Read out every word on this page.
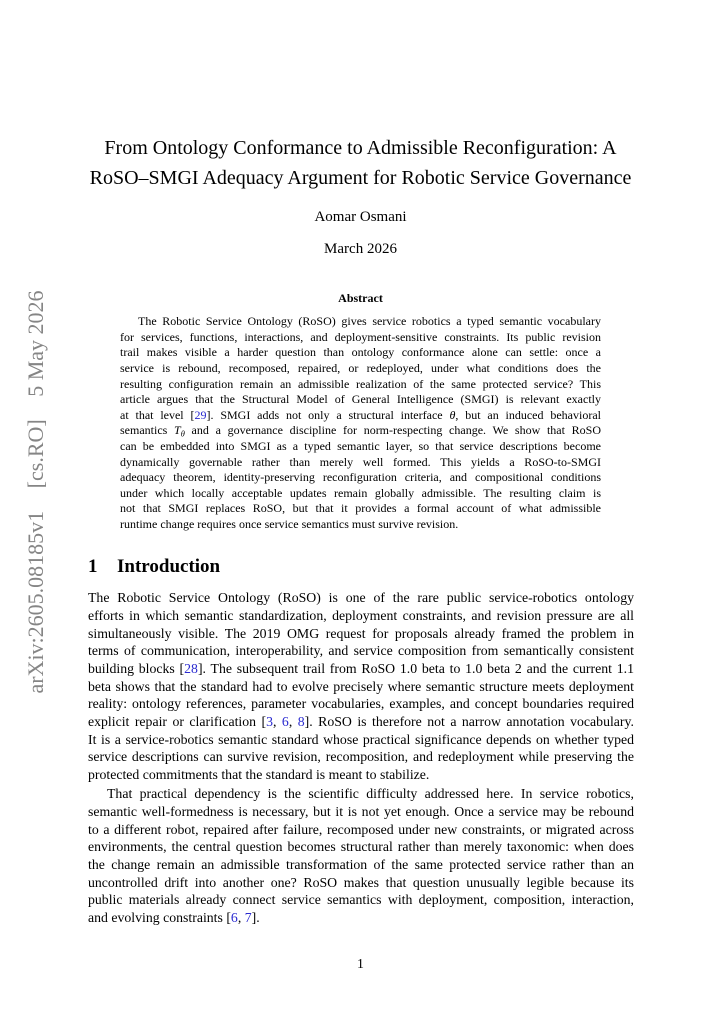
arXiv:2605.08185v1 [cs.RO] 5 May 2026
From Ontology Conformance to Admissible Reconfiguration: A
RoSO–SMGI Adequacy Argument for Robotic Service Governance
Aomar Osmani
March 2026
Abstract
The Robotic Service Ontology (RoSO) gives service robotics a typed semantic vocabulary
for services, functions, interactions, and deployment-sensitive constraints. Its public revision
trail makes visible a harder question than ontology conformance alone can settle: once a
service is rebound, recomposed, repaired, or redeployed, under what conditions does the
resulting configuration remain an admissible realization of the same protected service? This
article argues that the Structural Model of General Intelligence (SMGI) is relevant exactly
at that level [29]. SMGI adds not only a structural interface θ, but an induced behavioral
semantics $T_\theta$ and a governance discipline for norm-respecting change. We show that RoSO
can be embedded into SMGI as a typed semantic layer, so that service descriptions become
dynamically governable rather than merely well formed. This yields a RoSO-to-SMGI
adequacy theorem, identity-preserving reconfiguration criteria, and compositional conditions
under which locally acceptable updates remain globally admissible. The resulting claim is
not that SMGI replaces RoSO, but that it provides a formal account of what admissible
runtime change requires once service semantics must survive revision.
1 Introduction
The Robotic Service Ontology (RoSO) is one of the rare public service-robotics ontology
efforts in which semantic standardization, deployment constraints, and revision pressure are all
simultaneously visible. The 2019 OMG request for proposals already framed the problem in
terms of communication, interoperability, and service composition from semantically consistent
building blocks [28]. The subsequent trail from RoSO 1.0 beta to 1.0 beta 2 and the current 1.1
beta shows that the standard had to evolve precisely where semantic structure meets deployment
reality: ontology references, parameter vocabularies, examples, and concept boundaries required
explicit repair or clarification [3, 6, 8]. RoSO is therefore not a narrow annotation vocabulary.
It is a service-robotics semantic standard whose practical significance depends on whether typed
service descriptions can survive revision, recomposition, and redeployment while preserving the
protected commitments that the standard is meant to stabilize.
That practical dependency is the scientific difficulty addressed here. In service robotics,
semantic well-formedness is necessary, but it is not yet enough. Once a service may be rebound
to a different robot, repaired after failure, recomposed under new constraints, or migrated across
environments, the central question becomes structural rather than merely taxonomic: when does
the change remain an admissible transformation of the same protected service rather than an
uncontrolled drift into another one? RoSO makes that question unusually legible because its
public materials already connect service semantics with deployment, composition, interaction,
and evolving constraints [6, 7].
1
